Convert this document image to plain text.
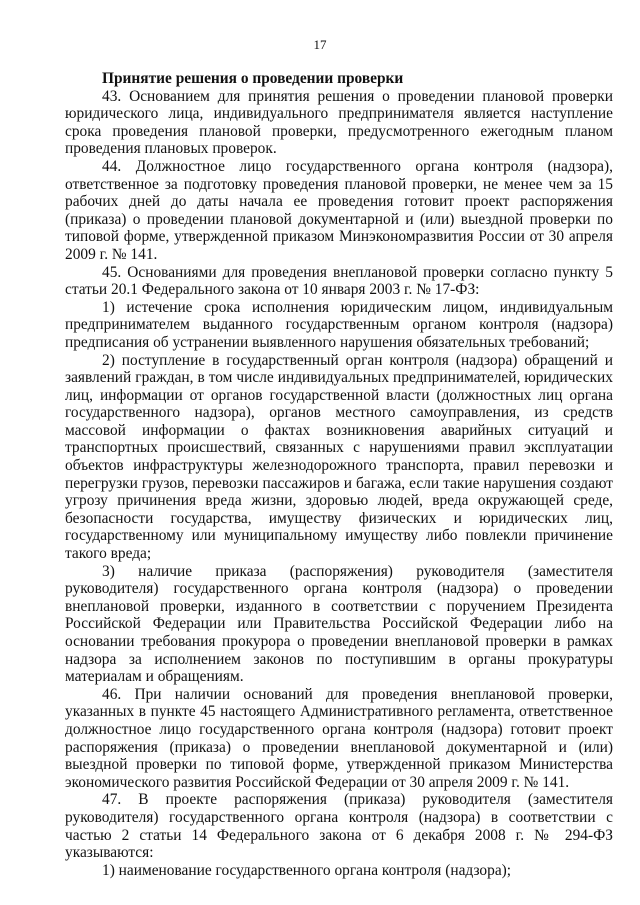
17

Принятие решения о проведении проверки

43. Основанием для принятия решения о проведении плановой проверки юридического лица, индивидуального предпринимателя является наступление срока проведения плановой проверки, предусмотренного ежегодным планом проведения плановых проверок.

44. Должностное лицо государственного органа контроля (надзора), ответственное за подготовку проведения плановой проверки, не менее чем за 15 рабочих дней до даты начала ее проведения готовит проект распоряжения (приказа) о проведении плановой документарной и (или) выездной проверки по типовой форме, утвержденной приказом Минэкономразвития России от 30 апреля 2009 г. № 141.

45. Основаниями для проведения внеплановой проверки согласно пункту 5 статьи 20.1 Федерального закона от 10 января 2003 г. № 17-ФЗ:

1) истечение срока исполнения юридическим лицом, индивидуальным предпринимателем выданного государственным органом контроля (надзора) предписания об устранении выявленного нарушения обязательных требований;

2) поступление в государственный орган контроля (надзора) обращений и заявлений граждан, в том числе индивидуальных предпринимателей, юридических лиц, информации от органов государственной власти (должностных лиц органа государственного надзора), органов местного самоуправления, из средств массовой информации о фактах возникновения аварийных ситуаций и транспортных происшествий, связанных с нарушениями правил эксплуатации объектов инфраструктуры железнодорожного транспорта, правил перевозки и перегрузки грузов, перевозки пассажиров и багажа, если такие нарушения создают угрозу причинения вреда жизни, здоровью людей, вреда окружающей среде, безопасности государства, имуществу физических и юридических лиц, государственному или муниципальному имуществу либо повлекли причинение такого вреда;

3) наличие приказа (распоряжения) руководителя (заместителя руководителя) государственного органа контроля (надзора) о проведении внеплановой проверки, изданного в соответствии с поручением Президента Российской Федерации или Правительства Российской Федерации либо на основании требования прокурора о проведении внеплановой проверки в рамках надзора за исполнением законов по поступившим в органы прокуратуры материалам и обращениям.

46. При наличии оснований для проведения внеплановой проверки, указанных в пункте 45 настоящего Административного регламента, ответственное должностное лицо государственного органа контроля (надзора) готовит проект распоряжения (приказа) о проведении внеплановой документарной и (или) выездной проверки по типовой форме, утвержденной приказом Министерства экономического развития Российской Федерации от 30 апреля 2009 г. № 141.

47. В проекте распоряжения (приказа) руководителя (заместителя руководителя) государственного органа контроля (надзора) в соответствии с частью 2 статьи 14 Федерального закона от 6 декабря 2008 г. № 294-ФЗ указываются:

1) наименование государственного органа контроля (надзора);
